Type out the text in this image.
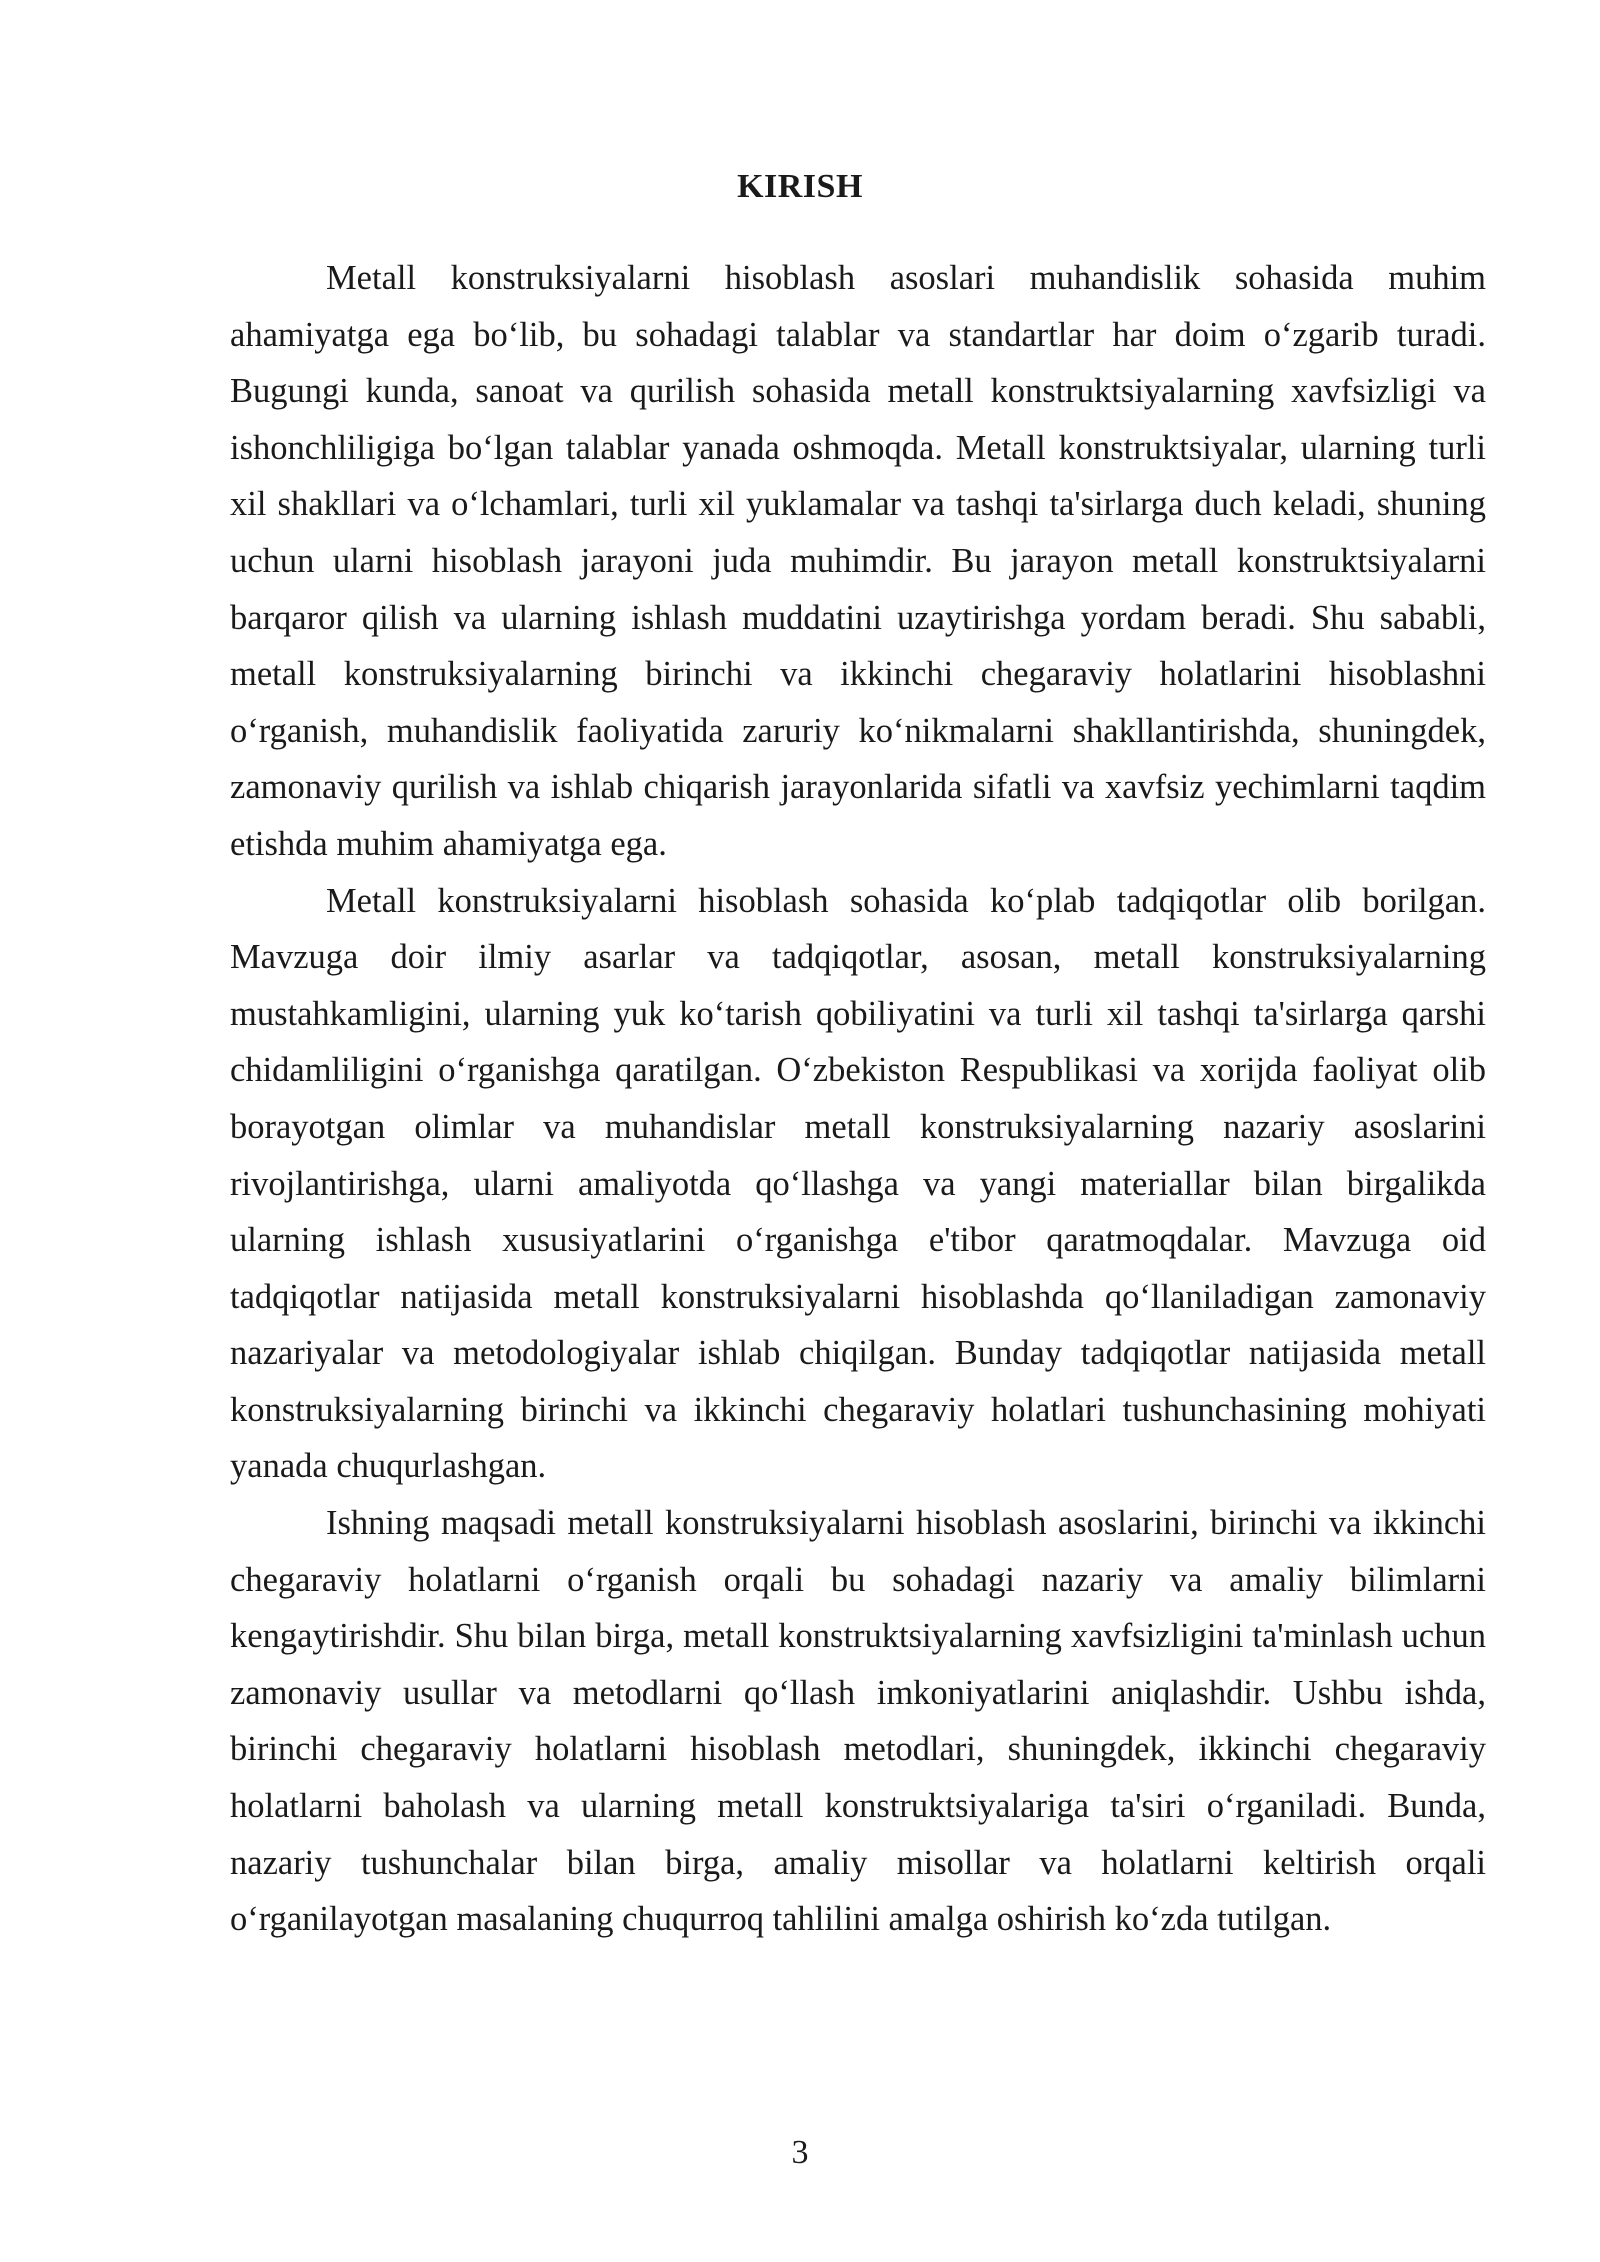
KIRISH

Metall konstruksiyalarni hisoblash asoslari muhandislik sohasida muhim ahamiyatga ega bo‘lib, bu sohadagi talablar va standartlar har doim o‘zgarib turadi. Bugungi kunda, sanoat va qurilish sohasida metall konstruktsiyalarning xavfsizligi va ishonchliligiga bo‘lgan talablar yanada oshmoqda. Metall konstruktsiyalar, ularning turli xil shakllari va o‘lchamlari, turli xil yuklamalar va tashqi ta'sirlarga duch keladi, shuning uchun ularni hisoblash jarayoni juda muhimdir. Bu jarayon metall konstruktsiyalarni barqaror qilish va ularning ishlash muddatini uzaytirishga yordam beradi. Shu sababli, metall konstruksiyalarning birinchi va ikkinchi chegaraviy holatlarini hisoblashni o‘rganish, muhandislik faoliyatida zaruriy ko‘nikmalarni shakllantirishda, shuningdek, zamonaviy qurilish va ishlab chiqarish jarayonlarida sifatli va xavfsiz yechimlarni taqdim etishda muhim ahamiyatga ega.

Metall konstruksiyalarni hisoblash sohasida ko‘plab tadqiqotlar olib borilgan. Mavzuga doir ilmiy asarlar va tadqiqotlar, asosan, metall konstruksiyalarning mustahkamligini, ularning yuk ko‘tarish qobiliyatini va turli xil tashqi ta'sirlarga qarshi chidamliligini o‘rganishga qaratilgan. O‘zbekiston Respublikasi va xorijda faoliyat olib borayotgan olimlar va muhandislar metall konstruksiyalarning nazariy asoslarini rivojlantirishga, ularni amaliyotda qo‘llashga va yangi materiallar bilan birgalikda ularning ishlash xususiyatlarini o‘rganishga e'tibor qaratmoqdalar. Mavzuga oid tadqiqotlar natijasida metall konstruksiyalarni hisoblashda qo‘llaniladigan zamonaviy nazariyalar va metodologiyalar ishlab chiqilgan. Bunday tadqiqotlar natijasida metall konstruksiyalarning birinchi va ikkinchi chegaraviy holatlari tushunchasining mohiyati yanada chuqurlashgan.

Ishning maqsadi metall konstruksiyalarni hisoblash asoslarini, birinchi va ikkinchi chegaraviy holatlarni o‘rganish orqali bu sohadagi nazariy va amaliy bilimlarni kengaytirishdir. Shu bilan birga, metall konstruktsiyalarning xavfsizligini ta'minlash uchun zamonaviy usullar va metodlarni qo‘llash imkoniyatlarini aniqlashdir. Ushbu ishda, birinchi chegaraviy holatlarni hisoblash metodlari, shuningdek, ikkinchi chegaraviy holatlarni baholash va ularning metall konstruktsiyalariga ta'siri o‘rganiladi. Bunda, nazariy tushunchalar bilan birga, amaliy misollar va holatlarni keltirish orqali o‘rganilayotgan masalaning chuqurroq tahlilini amalga oshirish ko‘zda tutilgan.

3
